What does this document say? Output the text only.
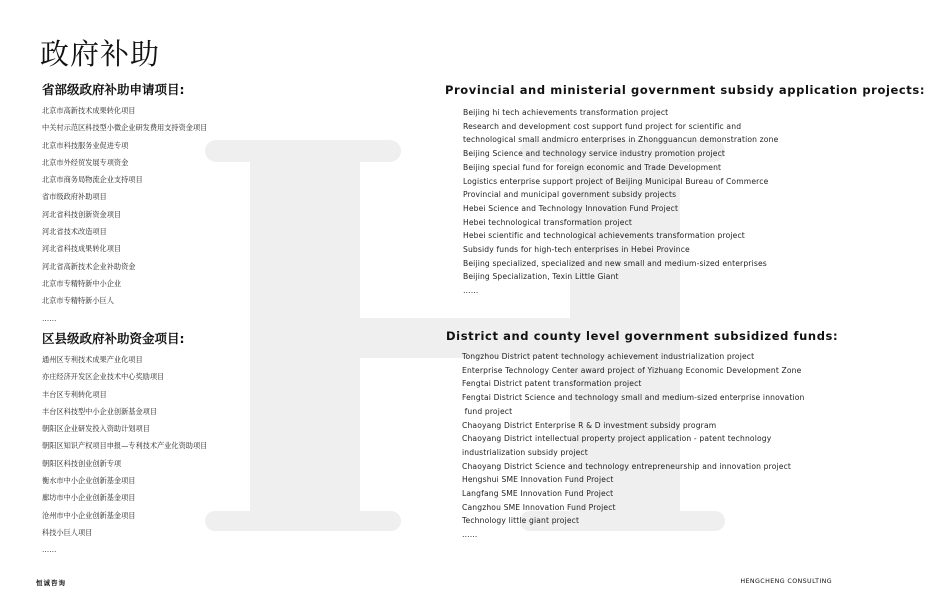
政府补助
省部级政府补助申请项目:
北京市高新技术成果转化项目
中关村示范区科技型小微企业研发费用支持资金项目
北京市科技服务业促进专项
北京市外经贸发展专项资金
北京市商务局物流企业支持项目
省市级政府补助项目
河北省科技创新资金项目
河北省技术改造项目
河北省科技成果转化项目
河北省高新技术企业补助资金
北京市专精特新中小企业
北京市专精特新小巨人
……
区县级政府补助资金项目:
通州区专利技术成果产业化项目
亦庄经济开发区企业技术中心奖励项目
丰台区专利转化项目
丰台区科技型中小企业创新基金项目
朝阳区企业研发投入资助计划项目
朝阳区知识产权项目申报—专利技术产业化资助项目
朝阳区科技创业创新专项
衡水市中小企业创新基金项目
廊坊市中小企业创新基金项目
沧州市中小企业创新基金项目
科技小巨人项目
……
Provincial and ministerial government subsidy application projects:
Beijing hi tech achievements transformation project
Research and development cost support fund project for scientific and
technological small andmicro enterprises in Zhongguancun demonstration zone
Beijing Science and technology service industry promotion project
Beijing special fund for foreign economic and Trade Development
Logistics enterprise support project of Beijing Municipal Bureau of Commerce
Provincial and municipal government subsidy projects
Hebei Science and Technology Innovation Fund Project
Hebei technological transformation project
Hebei scientific and technological achievements transformation project
Subsidy funds for high-tech enterprises in Hebei Province
Beijing specialized, specialized and new small and medium-sized enterprises
Beijing Specialization, Texin Little Giant
……
District and county level government subsidized funds:
Tongzhou District patent technology achievement industrialization project
Enterprise Technology Center award project of Yizhuang Economic Development Zone
Fengtai District patent transformation project
Fengtai District Science and technology small and medium-sized enterprise innovation
fund project
Chaoyang District Enterprise R & D investment subsidy program
Chaoyang District intellectual property project application - patent technology
industrialization subsidy project
Chaoyang District Science and technology entrepreneurship and innovation project
Hengshui SME Innovation Fund Project
Langfang SME Innovation Fund Project
Cangzhou SME Innovation Fund Project
Technology little giant project
……
恒诚咨询	HENGCHENG CONSULTING
